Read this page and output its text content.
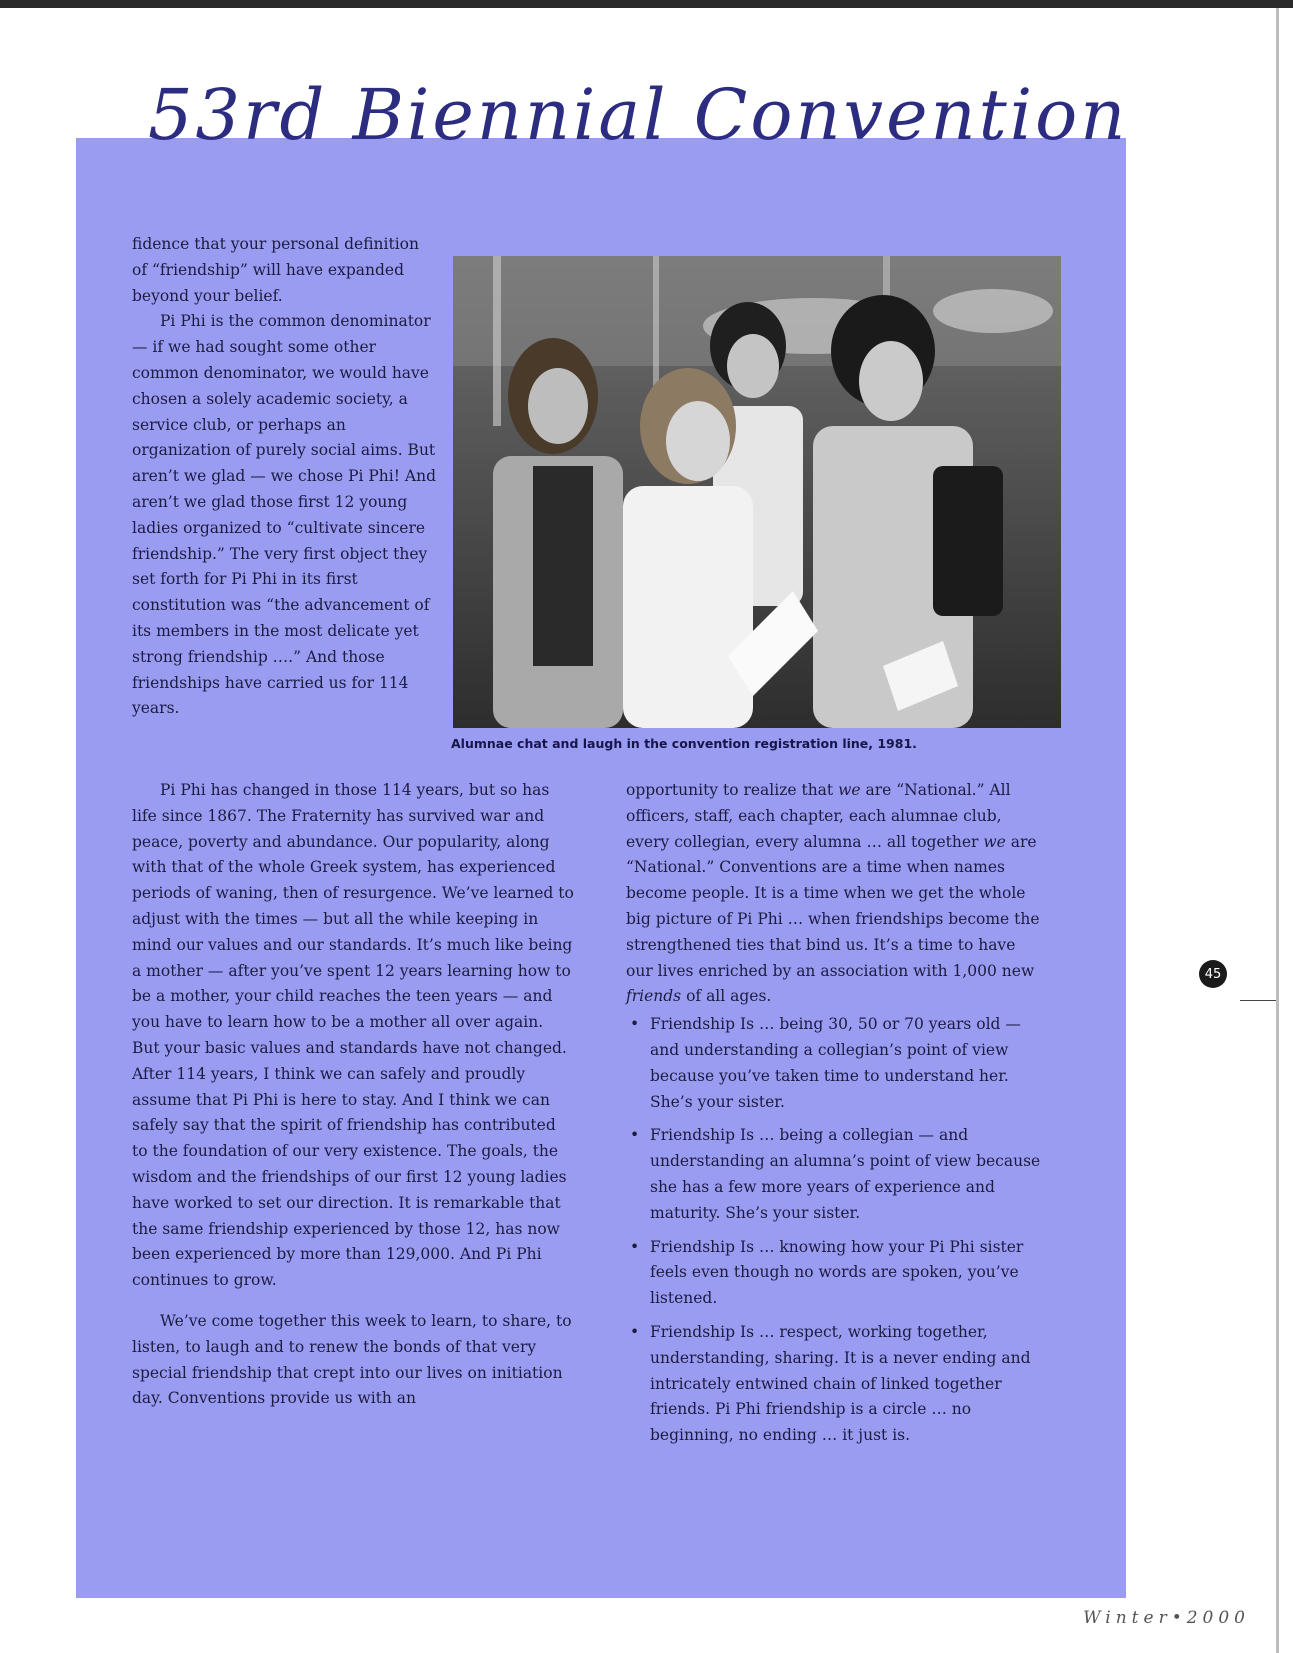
53rd Biennial Convention

fidence that your personal definition of “friendship” will have expanded beyond your belief.

Pi Phi is the common denominator — if we had sought some other common denominator, we would have chosen a solely academic society, a service club, or perhaps an organization of purely social aims. But aren’t we glad — we chose Pi Phi! And aren’t we glad those first 12 young ladies organized to “cultivate sincere friendship.” The very first object they set forth for Pi Phi in its first constitution was “the advancement of its members in the most delicate yet strong friendship ….” And those friendships have carried us for 114 years.

Alumnae chat and laugh in the convention registration line, 1981.

Pi Phi has changed in those 114 years, but so has life since 1867. The Fraternity has survived war and peace, poverty and abundance. Our popularity, along with that of the whole Greek system, has experienced periods of waning, then of resurgence. We’ve learned to adjust with the times — but all the while keeping in mind our values and our standards. It’s much like being a mother — after you’ve spent 12 years learning how to be a mother, your child reaches the teen years — and you have to learn how to be a mother all over again. But your basic values and standards have not changed. After 114 years, I think we can safely and proudly assume that Pi Phi is here to stay. And I think we can safely say that the spirit of friendship has contributed to the foundation of our very existence. The goals, the wisdom and the friendships of our first 12 young ladies have worked to set our direction. It is remarkable that the same friendship experienced by those 12, has now been experienced by more than 129,000. And Pi Phi continues to grow.

We’ve come together this week to learn, to share, to listen, to laugh and to renew the bonds of that very special friendship that crept into our lives on initiation day. Conventions provide us with an

opportunity to realize that we are “National.” All officers, staff, each chapter, each alumnae club, every collegian, every alumna … all together we are “National.” Conventions are a time when names become people. It is a time when we get the whole big picture of Pi Phi … when friendships become the strengthened ties that bind us. It’s a time to have our lives enriched by an association with 1,000 new friends of all ages.

• Friendship Is … being 30, 50 or 70 years old — and understanding a collegian’s point of view because you’ve taken time to understand her. She’s your sister.
• Friendship Is … being a collegian — and understanding an alumna’s point of view because she has a few more years of experience and maturity. She’s your sister.
• Friendship Is … knowing how your Pi Phi sister feels even though no words are spoken, you’ve listened.
• Friendship Is … respect, working together, understanding, sharing. It is a never ending and intricately entwined chain of linked together friends. Pi Phi friendship is a circle … no beginning, no ending … it just is.
45
Winter•2000
